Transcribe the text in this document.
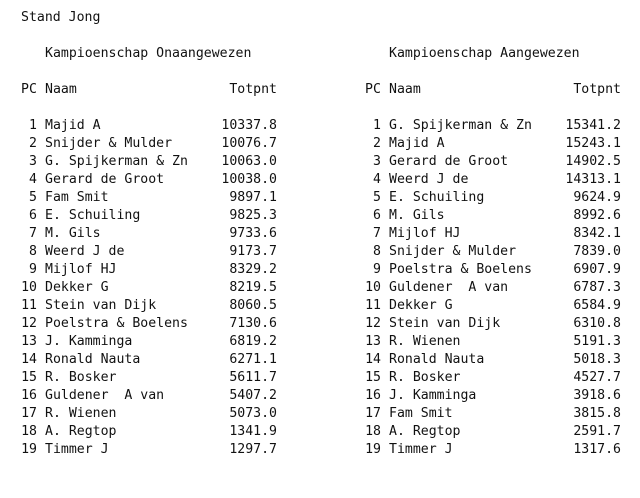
Stand Jong
Kampioenschap Onaangewezen
PC Naam	Totpnt
1 Majid A	10337.8
2 Snijder & Mulder	10076.7
3 G. Spijkerman & Zn	10063.0
4 Gerard de Groot	10038.0
5 Fam Smit	9897.1
6 E. Schuiling	9825.3
7 M. Gils	9733.6
8 Weerd J de	9173.7
9 Mijlof HJ	8329.2
10 Dekker G	8219.5
11 Stein van Dijk	8060.5
12 Poelstra & Boelens	7130.6
13 J. Kamminga	6819.2
14 Ronald Nauta	6271.1
15 R. Bosker	5611.7
16 Guldener  A van	5407.2
17 R. Wienen	5073.0
18 A. Regtop	1341.9
19 Timmer J	1297.7
Kampioenschap Aangewezen
PC Naam	Totpnt
1 G. Spijkerman & Zn	15341.2
2 Majid A	15243.1
3 Gerard de Groot	14902.5
4 Weerd J de	14313.1
5 E. Schuiling	9624.9
6 M. Gils	8992.6
7 Mijlof HJ	8342.1
8 Snijder & Mulder	7839.0
9 Poelstra & Boelens	6907.9
10 Guldener  A van	6787.3
11 Dekker G	6584.9
12 Stein van Dijk	6310.8
13 R. Wienen	5191.3
14 Ronald Nauta	5018.3
15 R. Bosker	4527.7
16 J. Kamminga	3918.6
17 Fam Smit	3815.8
18 A. Regtop	2591.7
19 Timmer J	1317.6
